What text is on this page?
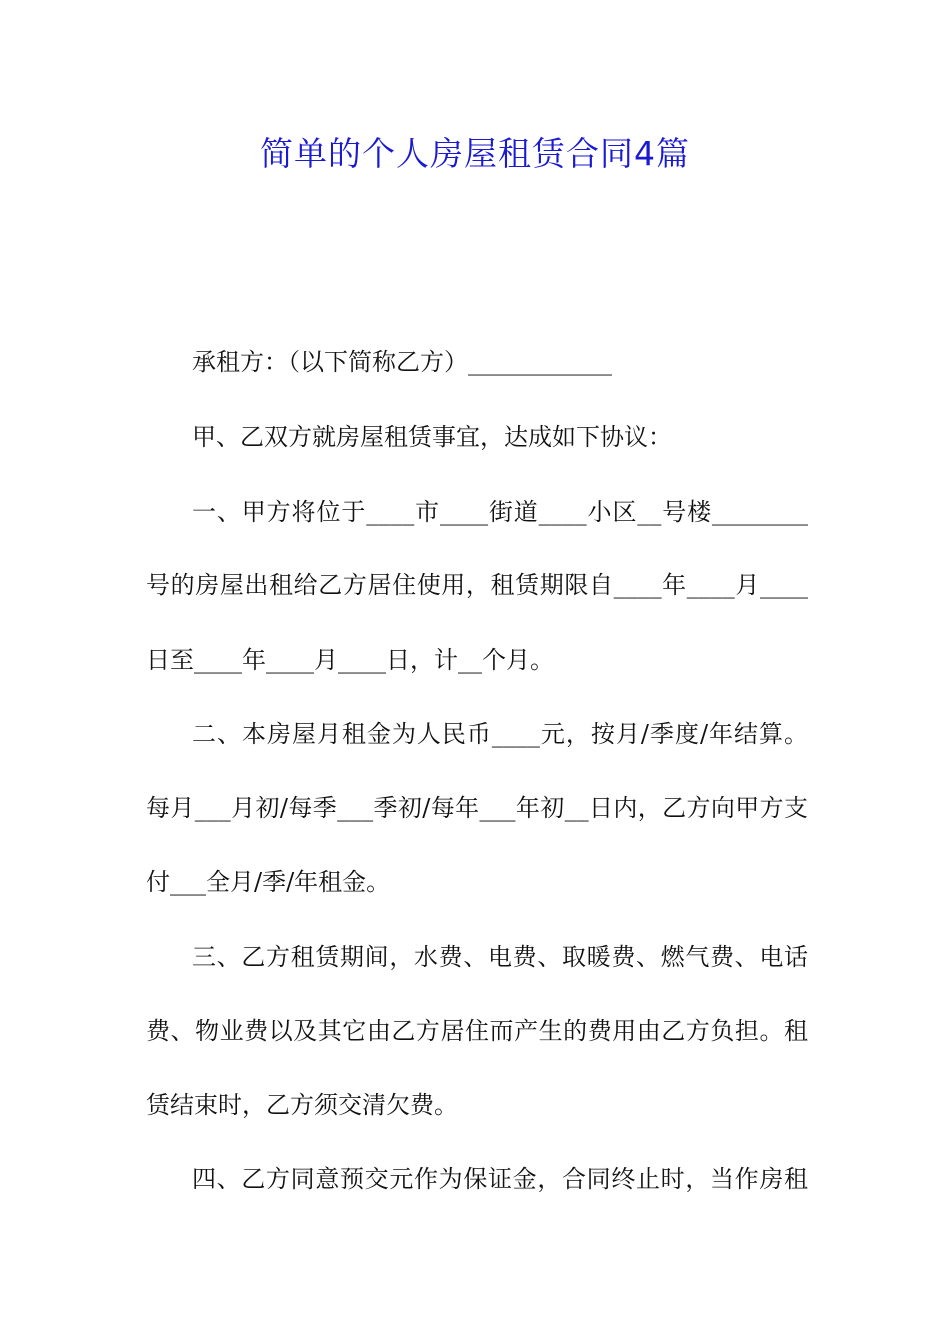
简单的个人房屋租赁合同4篇
承租方：（以下简称乙方）____________
甲、乙双方就房屋租赁事宜，达成如下协议：
一、甲方将位于____市____街道____小区__号楼________
号的房屋出租给乙方居住使用，租赁期限自____年____月____
日至____年____月____日，计__个月。
二、本房屋月租金为人民币____元，按月/季度/年结算。
每月___月初/每季___季初/每年___年初__日内，乙方向甲方支
付___全月/季/年租金。
三、乙方租赁期间，水费、电费、取暖费、燃气费、电话
费、物业费以及其它由乙方居住而产生的费用由乙方负担。租
赁结束时，乙方须交清欠费。
四、乙方同意预交元作为保证金，合同终止时，当作房租
